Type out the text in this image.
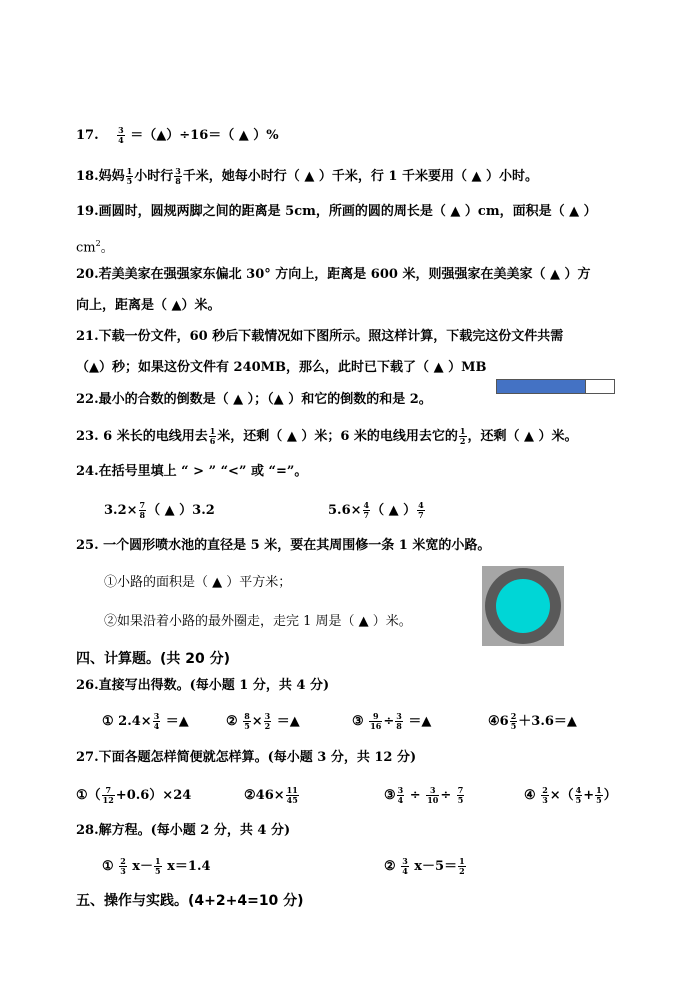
17. $\frac{3}{4}$ ＝（▲）÷16＝（ ▲ ）%
18.妈妈 $\frac{1}{5}$ 小时行 $\frac{3}{8}$ 千米，她每小时行（ ▲ ）千米，行 1 千米要用（ ▲ ）小时。
19.画圆时，圆规两脚之间的距离是 5cm，所画的圆的周长是（ ▲ ）cm，面积是（ ▲ ）
$cm^2$。
20.若美美家在强强家东偏北 30° 方向上，距离是 600 米，则强强家在美美家（ ▲ ）方
向上，距离是（ ▲）米。
21.下载一份文件，60 秒后下载情况如下图所示。照这样计算，下载完这份文件共需
（▲）秒；如果这份文件有 240MB，那么，此时已下载了（ ▲ ）MB
22.最小的合数的倒数是（ ▲ ）；（▲ ）和它的倒数的和是 2。
23. 6 米长的电线用去 $\frac{1}{6}$ 米，还剩（ ▲ ）米；6 米的电线用去它的 $\frac{1}{2}$ ，还剩（ ▲ ）米。
24.在括号里填上 “ > ” “<” 或 “=”。
$3.2\times \frac{7}{8}$ （ ▲ ）3.2	$5.6\times \frac{4}{7}$ （ ▲ ） $\frac{4}{7}$
25. 一个圆形喷水池的直径是 5 米，要在其周围修一条 1 米宽的小路。
①小路的面积是（ ▲ ）平方米；
②如果沿着小路的最外圈走，走完 1 周是（ ▲ ）米。
四、计算题。(共 20 分)
26.直接写出得数。(每小题 1 分，共 4 分)
① $2.4\times \frac{3}{4}$ ＝▲	② $\frac{8}{5} \times \frac{3}{2}$ ＝▲	③ $\frac{9}{16} \div \frac{3}{8}$ ＝▲	④6 $\frac{2}{5}$ ＋3.6＝▲
27.下面各题怎样简便就怎样算。(每小题 3 分，共 12 分)
①（ $\frac{7}{12} +0.6)\times 24$	②46× $\frac{11}{45}$	③ $\frac{3}{4} \div \frac{3}{10} \div \frac{7}{5}$	④ $\frac{2}{3}$ ×（ $\frac{4}{5} + \frac{1}{5}$ ）
28.解方程。(每小题 2 分，共 4 分)
① $\frac{2}{3} x- \frac{1}{5} x=1.4$	② $\frac{3}{4} x-5= \frac{1}{2}$
五、操作与实践。(4+2+4=10 分)
